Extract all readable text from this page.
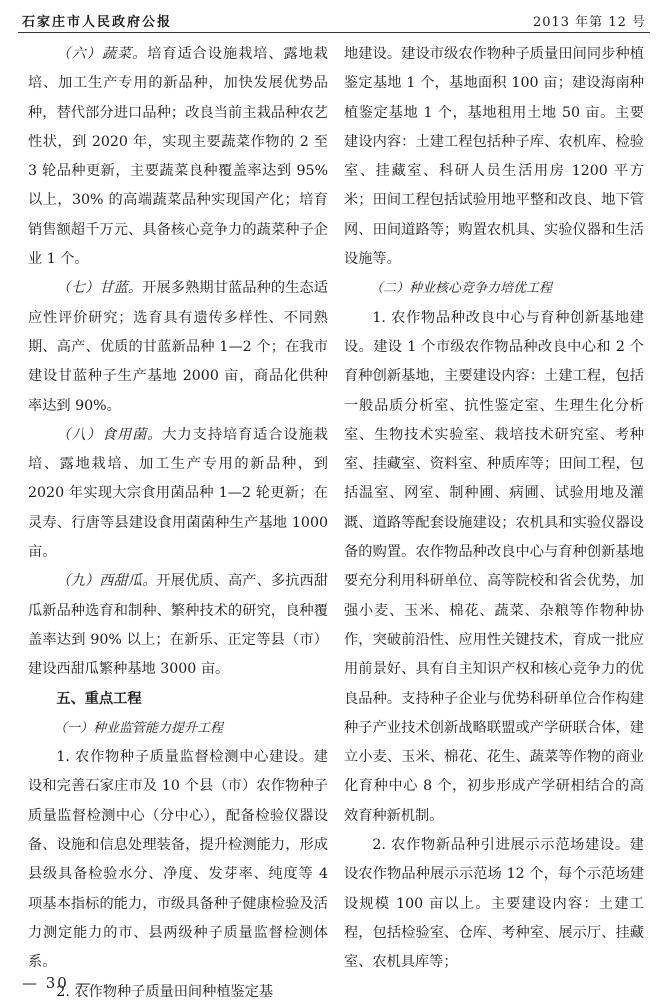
石家庄市人民政府公报	2013 年第 12 号

（六）蔬菜。培育适合设施栽培、露地栽培、加工生产专用的新品种，加快发展优势品种，替代部分进口品种；改良当前主栽品种农艺性状，到 2020 年，实现主要蔬菜作物的 2 至 3 轮品种更新，主要蔬菜良种覆盖率达到 95% 以上，30% 的高端蔬菜品种实现国产化；培育销售额超千万元、具备核心竞争力的蔬菜种子企业 1 个。

（七）甘蓝。开展多熟期甘蓝品种的生态适应性评价研究；选育具有遗传多样性、不同熟期、高产、优质的甘蓝新品种 1—2 个；在我市建设甘蓝种子生产基地 2000 亩，商品化供种率达到 90%。

（八）食用菌。大力支持培育适合设施栽培、露地栽培、加工生产专用的新品种，到 2020 年实现大宗食用菌品种 1—2 轮更新；在灵寿、行唐等县建设食用菌菌种生产基地 1000 亩。

（九）西甜瓜。开展优质、高产、多抗西甜瓜新品种选育和制种、繁种技术的研究，良种覆盖率达到 90% 以上；在新乐、正定等县（市）建设西甜瓜繁种基地 3000 亩。

五、重点工程
（一）种业监管能力提升工程

1. 农作物种子质量监督检测中心建设。建设和完善石家庄市及 10 个县（市）农作物种子质量监督检测中心（分中心），配备检验仪器设备、设施和信息处理装备，提升检测能力，形成县级具备检验水分、净度、发芽率、纯度等 4 项基本指标的能力，市级具备种子健康检验及活力测定能力的市、县两级种子质量监督检测体系。

2. 农作物种子质量田间种植鉴定基

地建设。建设市级农作物种子质量田间同步种植鉴定基地 1 个，基地面积 100 亩；建设海南种植鉴定基地 1 个，基地租用土地 50 亩。主要建设内容：土建工程包括种子库、农机库、检验室、挂藏室、科研人员生活用房 1200 平方米；田间工程包括试验用地平整和改良、地下管网、田间道路等；购置农机具、实验仪器和生活设施等。

（二）种业核心竞争力培优工程

1. 农作物品种改良中心与育种创新基地建设。建设 1 个市级农作物品种改良中心和 2 个育种创新基地，主要建设内容：土建工程，包括一般品质分析室、抗性鉴定室、生理生化分析室、生物技术实验室、栽培技术研究室、考种室、挂藏室、资料室、种质库等；田间工程，包括温室、网室、制种圃、病圃、试验用地及灌溉、道路等配套设施建设；农机具和实验仪器设备的购置。农作物品种改良中心与育种创新基地要充分利用科研单位、高等院校和省会优势，加强小麦、玉米、棉花、蔬菜、杂粮等作物种协作，突破前沿性、应用性关键技术，育成一批应用前景好、具有自主知识产权和核心竞争力的优良品种。支持种子企业与优势科研单位合作构建种子产业技术创新战略联盟或产学研联合体，建立小麦、玉米、棉花、花生、蔬菜等作物的商业化育种中心 8 个，初步形成产学研相结合的高效育种新机制。

2. 农作物新品种引进展示示范场建设。建设农作物品种展示示范场 12 个，每个示范场建设规模 100 亩以上。主要建设内容：土建工程，包括检验室、仓库、考种室、展示厅、挂藏室、农机具库等；

— 30 —
